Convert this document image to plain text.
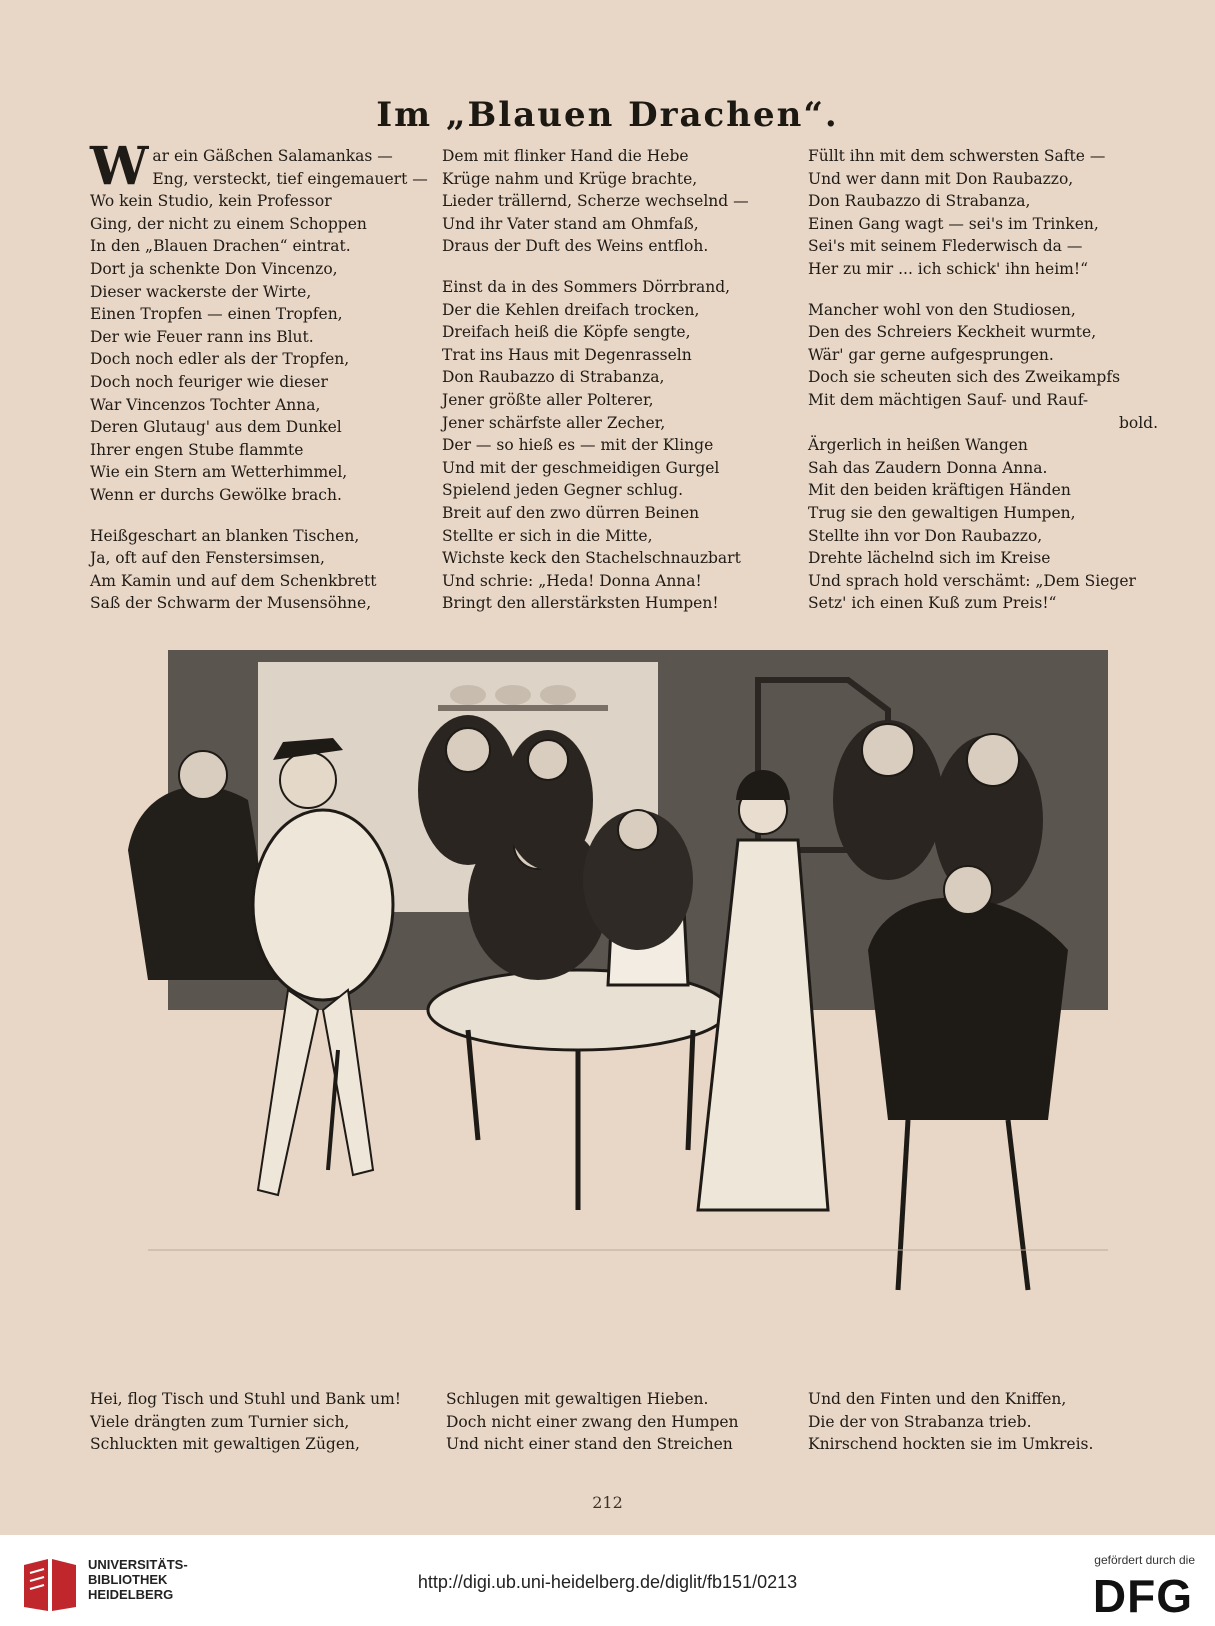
Im „Blauen Drachen“.
War ein Gäßchen Salamankas —
Eng, versteckt, tief eingemauert —
Wo kein Studio, kein Professor
Ging, der nicht zu einem Schoppen
In den „Blauen Drachen“ eintrat.
Dort ja schenkte Don Vincenzo,
Dieser wackerste der Wirte,
Einen Tropfen — einen Tropfen,
Der wie Feuer rann ins Blut.
Doch noch edler als der Tropfen,
Doch noch feuriger wie dieser
War Vincenzos Tochter Anna,
Deren Glutaug' aus dem Dunkel
Ihrer engen Stube flammte
Wie ein Stern am Wetterhimmel,
Wenn er durchs Gewölke brach.
Heißgeschart an blanken Tischen,
Ja, oft auf den Fenstersimsen,
Am Kamin und auf dem Schenkbrett
Saß der Schwarm der Musensöhne,
Dem mit flinker Hand die Hebe
Krüge nahm und Krüge brachte,
Lieder trällernd, Scherze wechselnd —
Und ihr Vater stand am Ohmfaß,
Draus der Duft des Weins entfloh.
Einst da in des Sommers Dörrbrand,
Der die Kehlen dreifach trocken,
Dreifach heiß die Köpfe sengte,
Trat ins Haus mit Degenrasseln
Don Raubazzo di Strabanza,
Jener größte aller Polterer,
Jener schärfste aller Zecher,
Der — so hieß es — mit der Klinge
Und mit der geschmeidigen Gurgel
Spielend jeden Gegner schlug.
Breit auf den zwo dürren Beinen
Stellte er sich in die Mitte,
Wichste keck den Stachelschnauzbart
Und schrie: „Heda! Donna Anna!
Bringt den allerstärksten Humpen!
Füllt ihn mit dem schwersten Safte —
Und wer dann mit Don Raubazzo,
Don Raubazzo di Strabanza,
Einen Gang wagt — sei's im Trinken,
Sei's mit seinem Flederwisch da —
Her zu mir ... ich schick' ihn heim!“
Mancher wohl von den Studiosen,
Den des Schreiers Keckheit wurmte,
Wär' gar gerne aufgesprungen.
Doch sie scheuten sich des Zweikampfs
Mit dem mächtigen Sauf- und Rauf-
bold.
Ärgerlich in heißen Wangen
Sah das Zaudern Donna Anna.
Mit den beiden kräftigen Händen
Trug sie den gewaltigen Humpen,
Stellte ihn vor Don Raubazzo,
Drehte lächelnd sich im Kreise
Und sprach hold verschämt: „Dem Sieger
Setz' ich einen Kuß zum Preis!“
Hei, flog Tisch und Stuhl und Bank um!
Viele drängten zum Turnier sich,
Schluckten mit gewaltigen Zügen,
Schlugen mit gewaltigen Hieben.
Doch nicht einer zwang den Humpen
Und nicht einer stand den Streichen
Und den Finten und den Kniffen,
Die der von Strabanza trieb.
Knirschend hockten sie im Umkreis.
212
UNIVERSITÄTS-
BIBLIOTHEK
HEIDELBERG
http://digi.ub.uni-heidelberg.de/diglit/fb151/0213
gefördert durch die
DFG
